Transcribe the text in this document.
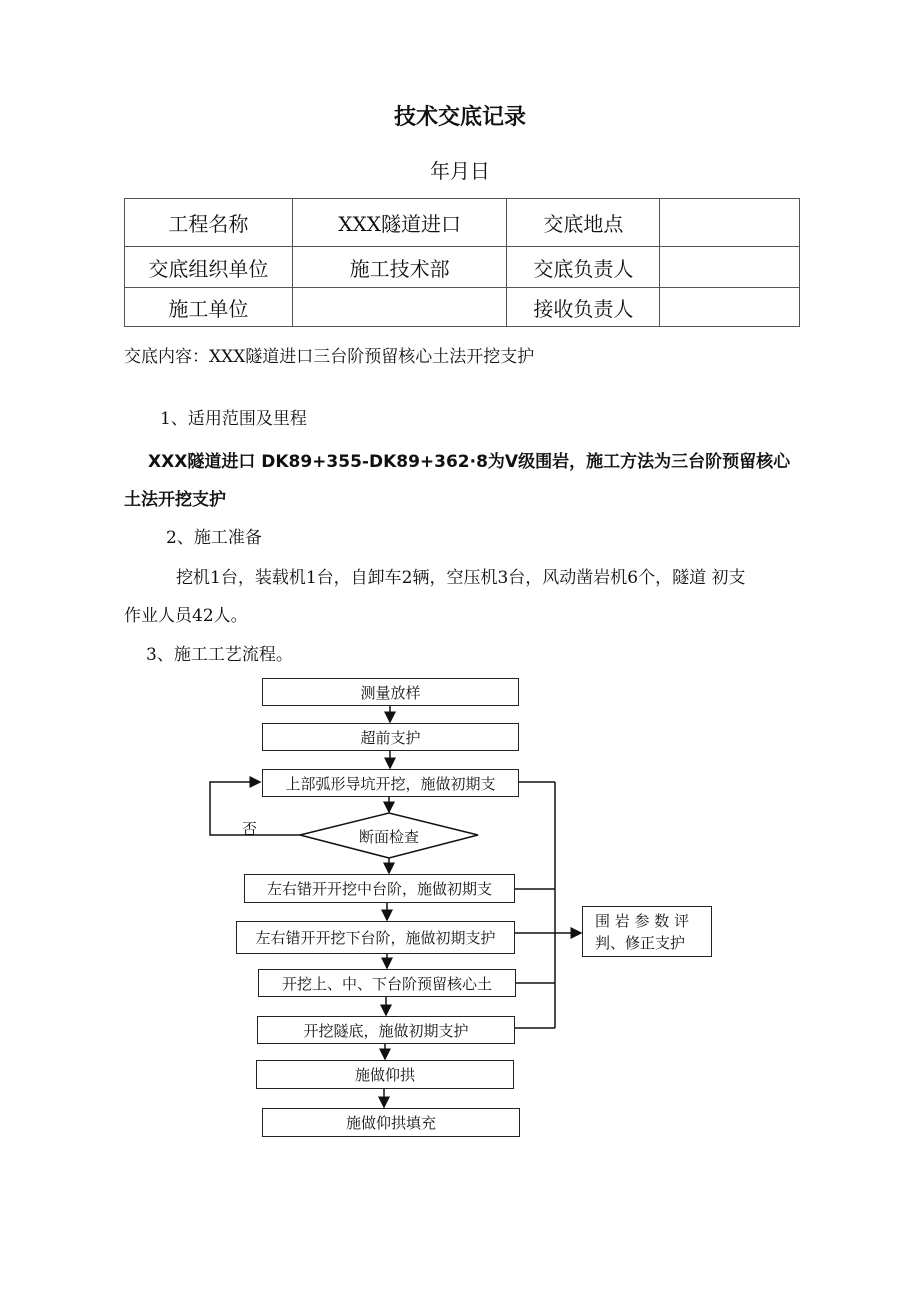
技术交底记录
年月日
工程名称	XXX隧道进口	交底地点	
交底组织单位	施工技术部	交底负责人	
施工单位		接收负责人	
交底内容：XXX隧道进口三台阶预留核心土法开挖支护
1、适用范围及里程
XXX隧道进口 DK89+355-DK89+362·8为V级围岩，施工方法为三台阶预留核心
土法开挖支护
2、施工准备
挖机1台，装载机1台，自卸车2辆，空压机3台，风动凿岩机6个，隧道 初支
作业人员42人。
3、施工工艺流程。
测量放样
超前支护
上部弧形导坑开挖，施做初期支
断面检查
否
左右错开开挖中台阶，施做初期支
左右错开开挖下台阶，施做初期支护
开挖上、中、下台阶预留核心土
开挖隧底，施做初期支护
施做仰拱
施做仰拱填充
围 岩 参 数 评
判、修正支护
